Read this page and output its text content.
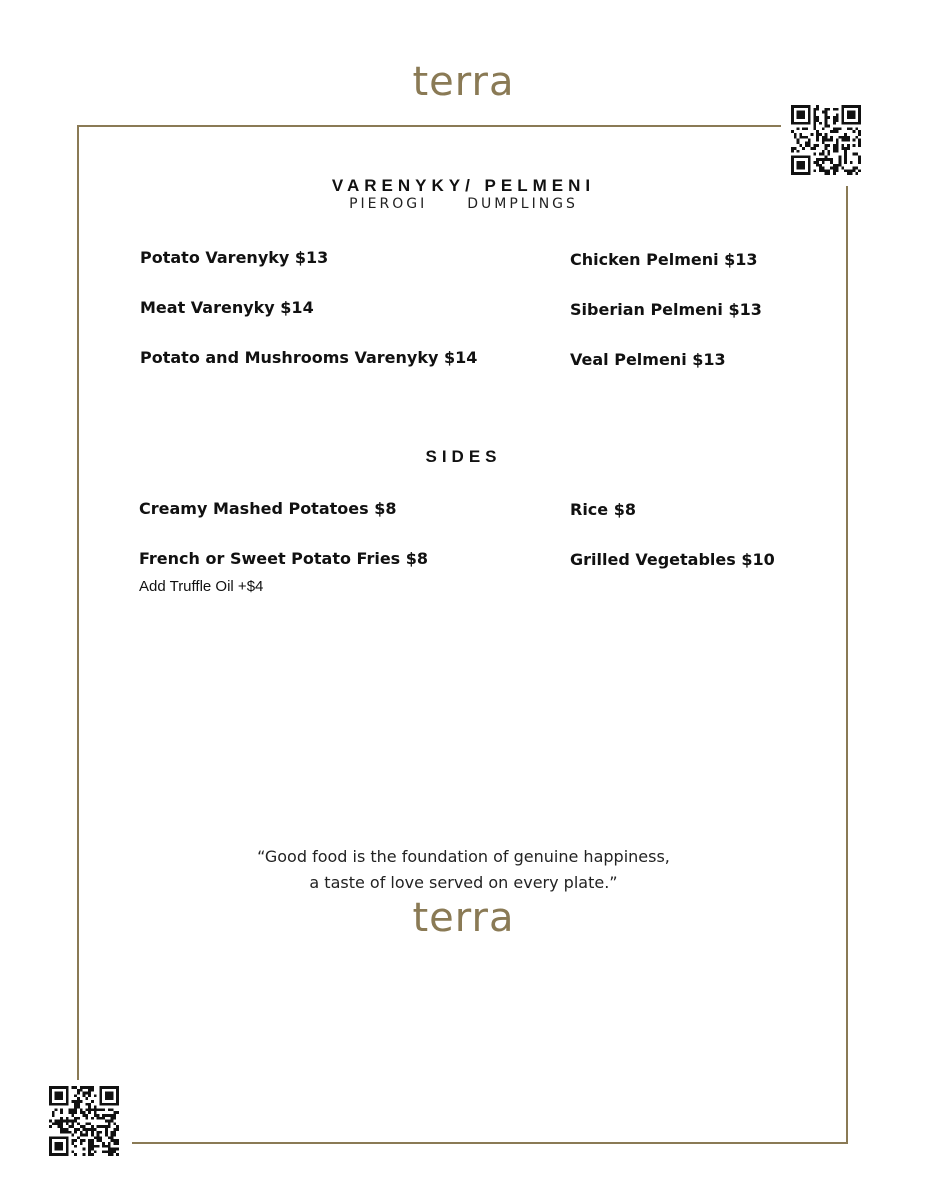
terra
VARENYKY/ PELMENI
PIEROGI	DUMPLINGS
Potato Varenyky $13
Meat Varenyky $14
Potato and Mushrooms Varenyky $14
Chicken Pelmeni $13
Siberian Pelmeni $13
Veal Pelmeni $13
SIDES
Creamy Mashed Potatoes $8
French or Sweet Potato Fries $8
Add Truffle Oil +$4
Rice $8
Grilled Vegetables $10
“Good food is the foundation of genuine happiness,
a taste of love served on every plate.”
terra
